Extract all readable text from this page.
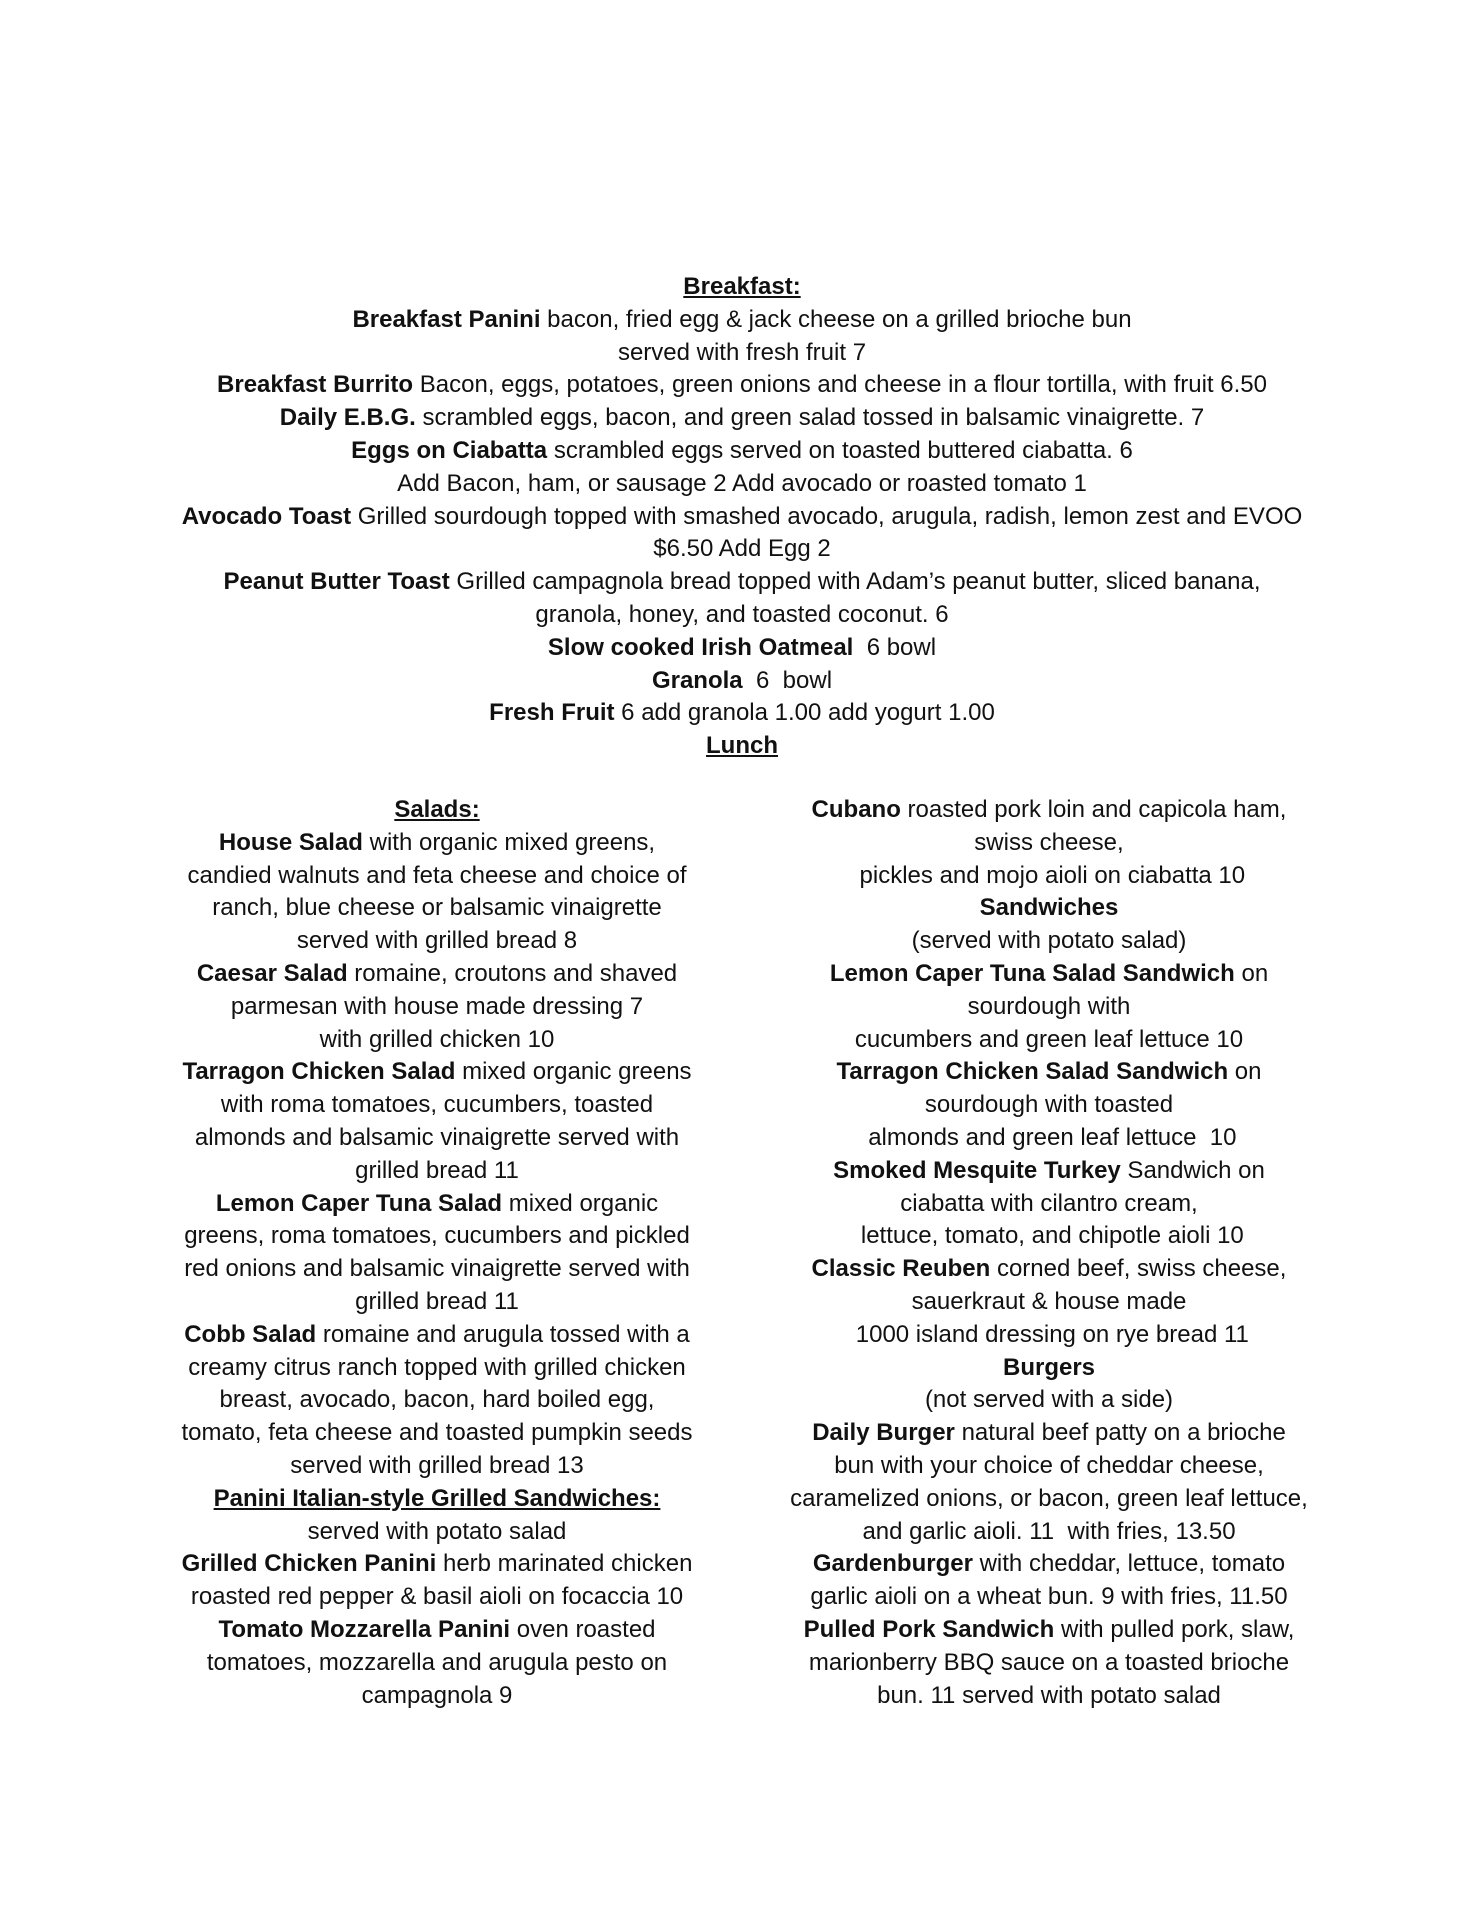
Breakfast:
Breakfast Panini bacon, fried egg & jack cheese on a grilled brioche bun
served with fresh fruit 7
Breakfast Burrito Bacon, eggs, potatoes, green onions and cheese in a flour tortilla, with fruit 6.50
Daily E.B.G. scrambled eggs, bacon, and green salad tossed in balsamic vinaigrette. 7
Eggs on Ciabatta scrambled eggs served on toasted buttered ciabatta. 6
Add Bacon, ham, or sausage 2 Add avocado or roasted tomato 1
Avocado Toast Grilled sourdough topped with smashed avocado, arugula, radish, lemon zest and EVOO
$6.50 Add Egg 2
Peanut Butter Toast Grilled campagnola bread topped with Adam’s peanut butter, sliced banana,
granola, honey, and toasted coconut. 6
Slow cooked Irish Oatmeal  6 bowl
Granola  6  bowl
Fresh Fruit 6 add granola 1.00 add yogurt 1.00
Lunch
Salads:
House Salad with organic mixed greens,
candied walnuts and feta cheese and choice of
ranch, blue cheese or balsamic vinaigrette
served with grilled bread 8
Caesar Salad romaine, croutons and shaved
parmesan with house made dressing 7
with grilled chicken 10
Tarragon Chicken Salad mixed organic greens
with roma tomatoes, cucumbers, toasted
almonds and balsamic vinaigrette served with
grilled bread 11
Lemon Caper Tuna Salad mixed organic
greens, roma tomatoes, cucumbers and pickled
red onions and balsamic vinaigrette served with
grilled bread 11
Cobb Salad romaine and arugula tossed with a
creamy citrus ranch topped with grilled chicken
breast, avocado, bacon, hard boiled egg,
tomato, feta cheese and toasted pumpkin seeds
served with grilled bread 13
Panini Italian-style Grilled Sandwiches:
served with potato salad
Grilled Chicken Panini herb marinated chicken
roasted red pepper & basil aioli on focaccia 10
Tomato Mozzarella Panini oven roasted
tomatoes, mozzarella and arugula pesto on
campagnola 9
Cubano roasted pork loin and capicola ham,
swiss cheese,
pickles and mojo aioli on ciabatta 10
Sandwiches
(served with potato salad)
Lemon Caper Tuna Salad Sandwich on
sourdough with
cucumbers and green leaf lettuce 10
Tarragon Chicken Salad Sandwich on
sourdough with toasted
almonds and green leaf lettuce  10
Smoked Mesquite Turkey Sandwich on
ciabatta with cilantro cream,
lettuce, tomato, and chipotle aioli 10
Classic Reuben corned beef, swiss cheese,
sauerkraut & house made
1000 island dressing on rye bread 11
Burgers
(not served with a side)
Daily Burger natural beef patty on a brioche
bun with your choice of cheddar cheese,
caramelized onions, or bacon, green leaf lettuce,
and garlic aioli. 11  with fries, 13.50
Gardenburger with cheddar, lettuce, tomato
garlic aioli on a wheat bun. 9 with fries, 11.50
Pulled Pork Sandwich with pulled pork, slaw,
marionberry BBQ sauce on a toasted brioche
bun. 11 served with potato salad
